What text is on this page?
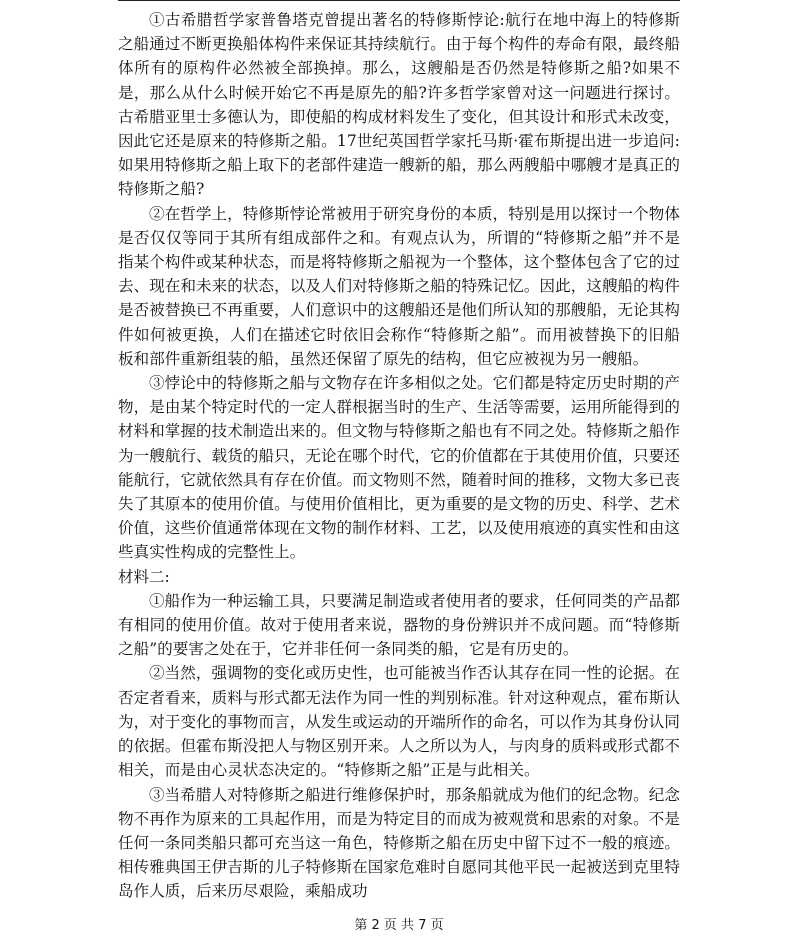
①古希腊哲学家普鲁塔克曾提出著名的特修斯悖论:航行在地中海上的特修斯之船通过不断更换船体构件来保证其持续航行。由于每个构件的寿命有限，最终船体所有的原构件必然被全部换掉。那么，这艘船是否仍然是特修斯之船?如果不是，那么从什么时候开始它不再是原先的船?许多哲学家曾对这一问题进行探讨。古希腊亚里士多德认为，即使船的构成材料发生了变化，但其设计和形式未改变，因此它还是原来的特修斯之船。17世纪英国哲学家托马斯·霍布斯提出进一步追问:如果用特修斯之船上取下的老部件建造一艘新的船，那么两艘船中哪艘才是真正的特修斯之船?

②在哲学上，特修斯悖论常被用于研究身份的本质，特别是用以探讨一个物体是否仅仅等同于其所有组成部件之和。有观点认为，所谓的“特修斯之船”并不是指某个构件或某种状态，而是将特修斯之船视为一个整体，这个整体包含了它的过去、现在和未来的状态，以及人们对特修斯之船的特殊记忆。因此，这艘船的构件是否被替换已不再重要，人们意识中的这艘船还是他们所认知的那艘船，无论其构件如何被更换，人们在描述它时依旧会称作“特修斯之船”。而用被替换下的旧船板和部件重新组装的船，虽然还保留了原先的结构，但它应被视为另一艘船。

③悖论中的特修斯之船与文物存在许多相似之处。它们都是特定历史时期的产物，是由某个特定时代的一定人群根据当时的生产、生活等需要，运用所能得到的材料和掌握的技术制造出来的。但文物与特修斯之船也有不同之处。特修斯之船作为一艘航行、载货的船只，无论在哪个时代，它的价值都在于其使用价值，只要还能航行，它就依然具有存在价值。而文物则不然，随着时间的推移，文物大多已丧失了其原本的使用价值。与使用价值相比，更为重要的是文物的历史、科学、艺术价值，这些价值通常体现在文物的制作材料、工艺，以及使用痕迹的真实性和由这些真实性构成的完整性上。

材料二:

①船作为一种运输工具，只要满足制造或者使用者的要求，任何同类的产品都有相同的使用价值。故对于使用者来说，器物的身份辨识并不成问题。而“特修斯之船”的要害之处在于，它并非任何一条同类的船，它是有历史的。

②当然，强调物的变化或历史性，也可能被当作否认其存在同一性的论据。在否定者看来，质料与形式都无法作为同一性的判别标准。针对这种观点，霍布斯认为，对于变化的事物而言，从发生或运动的开端所作的命名，可以作为其身份认同的依据。但霍布斯没把人与物区别开来。人之所以为人，与肉身的质料或形式都不相关，而是由心灵状态决定的。“特修斯之船”正是与此相关。

③当希腊人对特修斯之船进行维修保护时，那条船就成为他们的纪念物。纪念物不再作为原来的工具起作用，而是为特定目的而成为被观赏和思索的对象。不是任何一条同类船只都可充当这一角色，特修斯之船在历史中留下过不一般的痕迹。相传雅典国王伊吉斯的儿子特修斯在国家危难时自愿同其他平民一起被送到克里特岛作人质，后来历尽艰险，乘船成功

第 2 页 共 7 页
